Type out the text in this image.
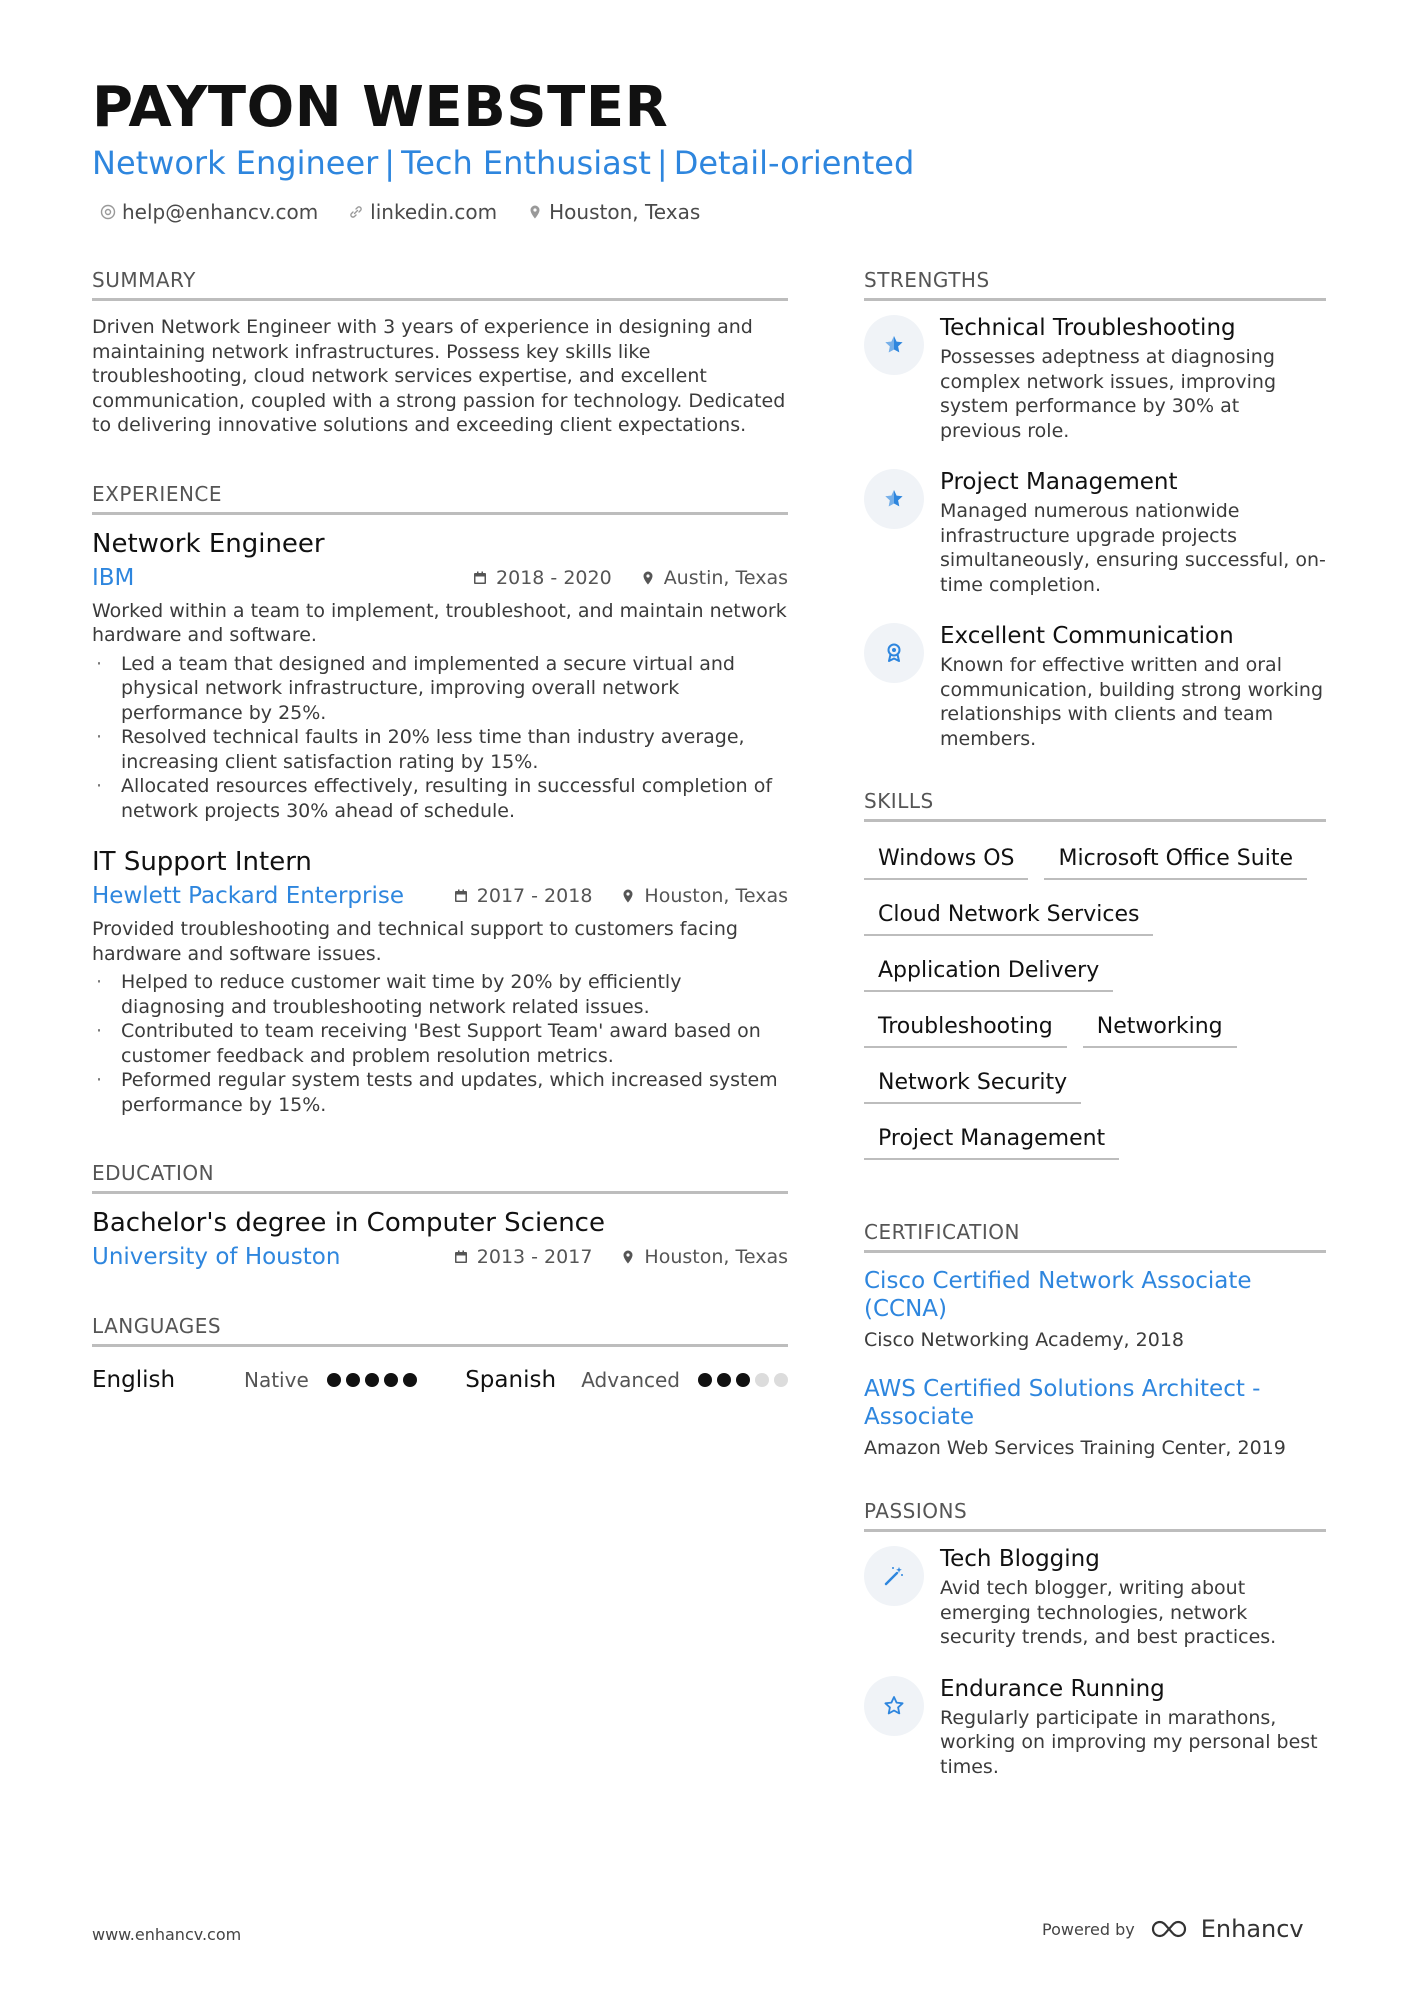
PAYTON WEBSTER
Network Engineer | Tech Enthusiast | Detail-oriented
help@enhancv.com	linkedin.com	Houston, Texas
SUMMARY
Driven Network Engineer with 3 years of experience in designing and maintaining network infrastructures. Possess key skills like troubleshooting, cloud network services expertise, and excellent communication, coupled with a strong passion for technology. Dedicated to delivering innovative solutions and exceeding client expectations.
EXPERIENCE
Network Engineer
IBM	2018 - 2020	Austin, Texas
Worked within a team to implement, troubleshoot, and maintain network hardware and software.
· Led a team that designed and implemented a secure virtual and physical network infrastructure, improving overall network performance by 25%.
· Resolved technical faults in 20% less time than industry average, increasing client satisfaction rating by 15%.
· Allocated resources effectively, resulting in successful completion of network projects 30% ahead of schedule.
IT Support Intern
Hewlett Packard Enterprise	2017 - 2018	Houston, Texas
Provided troubleshooting and technical support to customers facing hardware and software issues.
· Helped to reduce customer wait time by 20% by efficiently diagnosing and troubleshooting network related issues.
· Contributed to team receiving 'Best Support Team' award based on customer feedback and problem resolution metrics.
· Peformed regular system tests and updates, which increased system performance by 15%.
EDUCATION
Bachelor's degree in Computer Science
University of Houston	2013 - 2017	Houston, Texas
LANGUAGES
English	Native	Spanish	Advanced
STRENGTHS
Technical Troubleshooting
Possesses adeptness at diagnosing complex network issues, improving system performance by 30% at previous role.
Project Management
Managed numerous nationwide infrastructure upgrade projects simultaneously, ensuring successful, on-time completion.
Excellent Communication
Known for effective written and oral communication, building strong working relationships with clients and team members.
SKILLS
Windows OS	Microsoft Office Suite
Cloud Network Services
Application Delivery
Troubleshooting	Networking
Network Security
Project Management
CERTIFICATION
Cisco Certified Network Associate (CCNA)
Cisco Networking Academy, 2018
AWS Certified Solutions Architect - Associate
Amazon Web Services Training Center, 2019
PASSIONS
Tech Blogging
Avid tech blogger, writing about emerging technologies, network security trends, and best practices.
Endurance Running
Regularly participate in marathons, working on improving my personal best times.
www.enhancv.com	Powered by	Enhancv
